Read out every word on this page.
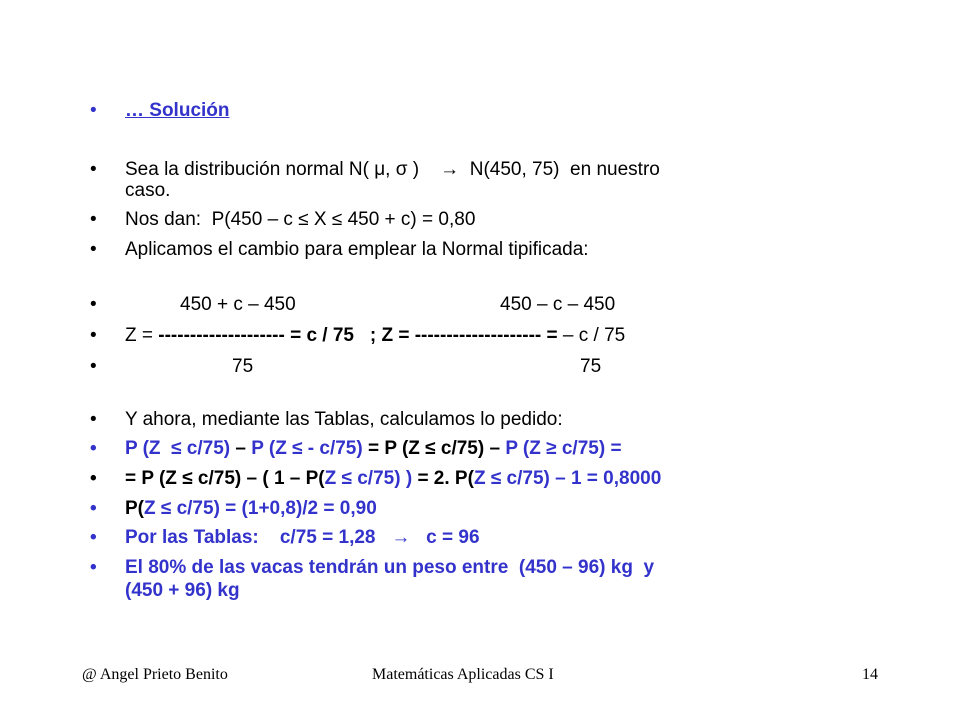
•

	… Solución

•

	Sea la distribución normal N( μ, σ )    →  N(450, 75)  en nuestro

caso.

•

	Nos dan:  P(450 – c ≤ X ≤ 450 + c) = 0,80

•

	Aplicamos el cambio para emplear la Normal tipificada:

•

	450 + c – 450

	450 – c – 450

•

	Z = -------------------- = c / 75   ; Z = -------------------- = – c / 75

•

	75

	75

•

	Y ahora, mediante las Tablas, calculamos lo pedido:

•

	P (Z  ≤ c/75) – P (Z ≤ - c/75) = P (Z ≤ c/75) – P (Z ≥ c/75) =

•

	= P (Z ≤ c/75) – ( 1 – P(Z ≤ c/75) ) = 2. P(Z ≤ c/75) – 1 = 0,8000

•

	P(Z ≤ c/75) = (1+0,8)/2 = 0,90

•

	Por las Tablas:    c/75 = 1,28   →   c = 96

•

	El 80% de las vacas tendrán un peso entre  (450 – 96) kg  y

(450 + 96) kg

@ Angel Prieto Benito	Matemáticas Aplicadas CS I	14
